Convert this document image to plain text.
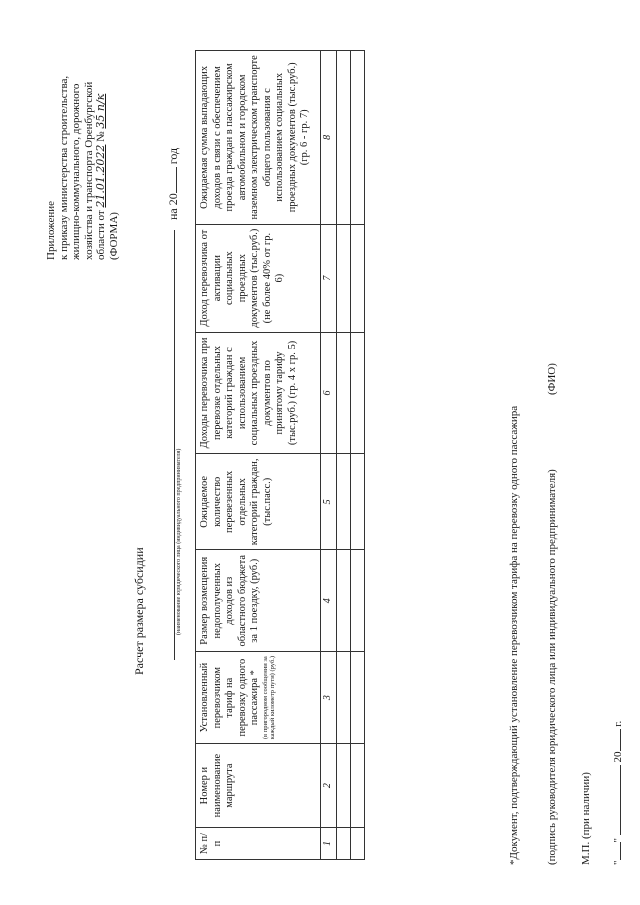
Приложение к приказу министерства строительства, жилищно-коммунального, дорожного хозяйства и транспорта Оренбургской области от 21.01.2022 № 35 п/к
(ФОРМА)
Расчет размера субсидии	(наименование юридического лица (индивидуального предпринимателя)
на 20 год
№ п/п	Номер и наименование маршрута	Установленный перевозчиком тариф на перевозку одного пассажира * (в пригородном сообщении за каждый километр пути) (руб.)	Размер возмещения недополученных доходов из областного бюджета за 1 поездку, (руб.)	Ожидаемое количество перевезенных отдельных категорий граждан, (тыс.пасс.)	Доходы перевозчика при перевозке отдельных категорий граждан с использованием социальных проездных документов по принятому тарифу (тыс.руб.) (гр. 4 х гр. 5)	Доход перевозчика от активации социальных проездных документов (тыс.руб.) (не более 40% от гр. 6)	Ожидаемая сумма выпадающих доходов в связи с обеспечением проезда граждан в пассажирском автомобильном и городском наземном электрическом транспорте общего пользования с использованием социальных проездных документов (тыс.руб.) (гр. 6 - гр. 7)
1	2	3	4	5	6	7	8

*Документ, подтверждающий установление перевозчиком тарифа на перевозку одного пассажира (подпись руководителя юридического лица или индивидуального предпринимателя)
(ФИО)
М.П. (при наличии) ""  20 г.
